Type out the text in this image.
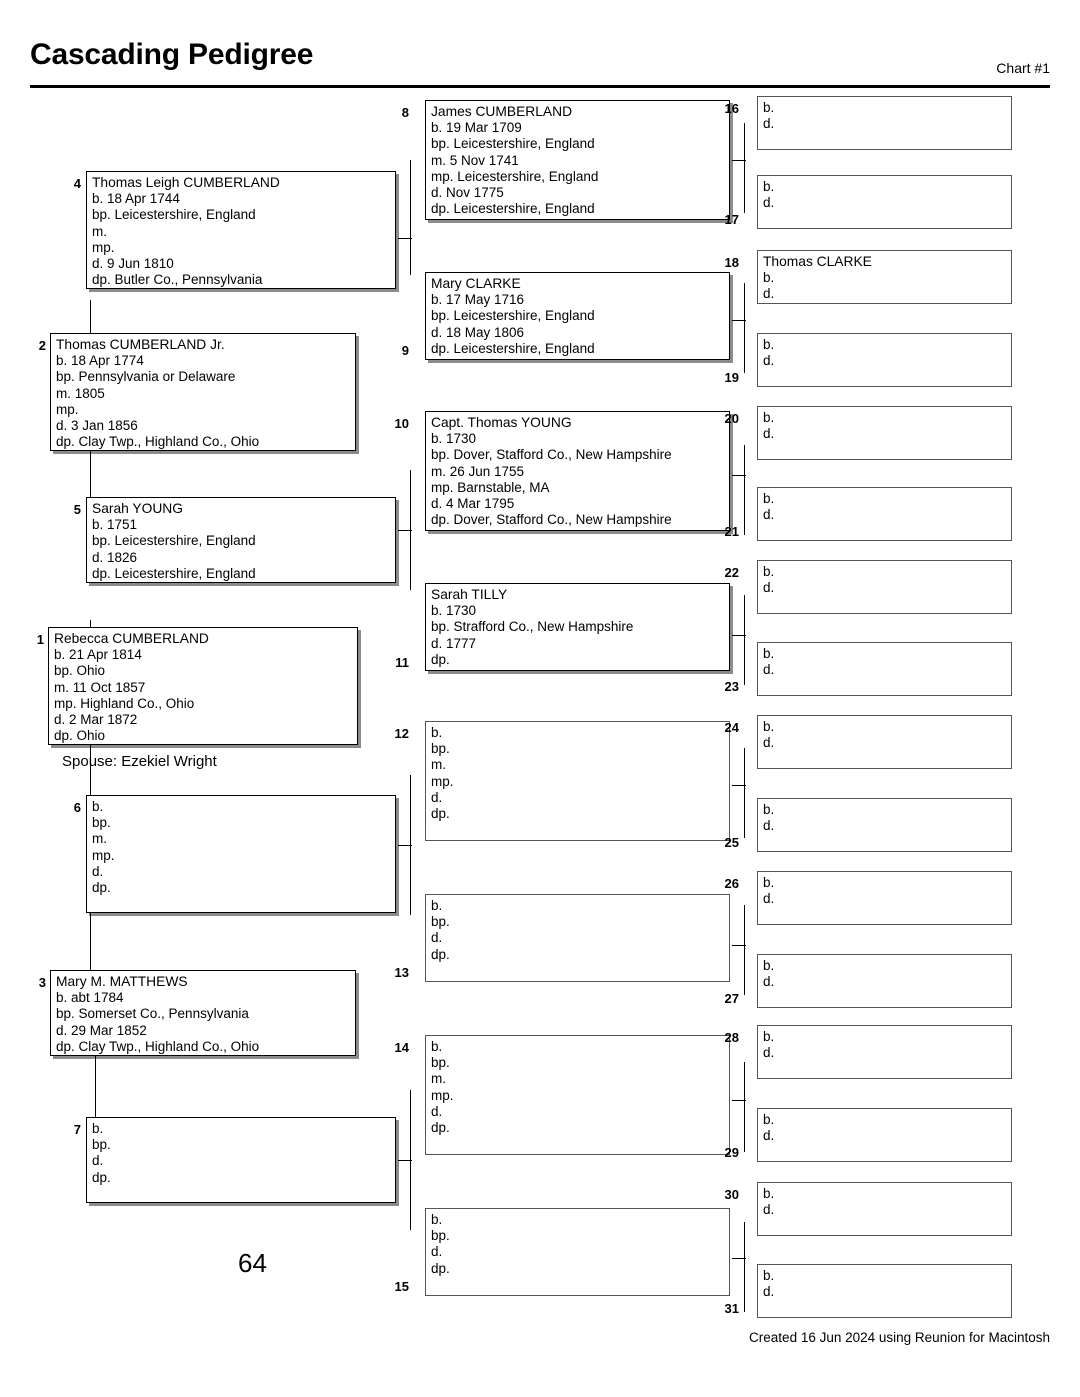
Cascading Pedigree	Chart #1
1 Rebecca CUMBERLAND
b. 21 Apr 1814
bp. Ohio
m. 11 Oct 1857
mp. Highland Co., Ohio
d. 2 Mar 1872
dp. Ohio
Spouse: Ezekiel Wright
2 Thomas CUMBERLAND Jr.
b. 18 Apr 1774
bp. Pennsylvania or Delaware
m. 1805
mp.
d. 3 Jan 1856
dp. Clay Twp., Highland Co., Ohio
3 Mary M. MATTHEWS
b. abt 1784
bp. Somerset Co., Pennsylvania
d. 29 Mar 1852
dp. Clay Twp., Highland Co., Ohio
4 Thomas Leigh CUMBERLAND
b. 18 Apr 1744
bp. Leicestershire, England
m.
mp.
d. 9 Jun 1810
dp. Butler Co., Pennsylvania
5 Sarah YOUNG
b. 1751
bp. Leicestershire, England
d. 1826
dp. Leicestershire, England
6 b.
bp.
m.
mp.
d.
dp.
7 b.
bp.
d.
dp.
8 James CUMBERLAND
b. 19 Mar 1709
bp. Leicestershire, England
m. 5 Nov 1741
mp. Leicestershire, England
d. Nov 1775
dp. Leicestershire, England
9
Mary CLARKE
b. 17 May 1716
bp. Leicestershire, England
d. 18 May 1806
dp. Leicestershire, England
10 Capt. Thomas YOUNG
b. 1730
bp. Dover, Stafford Co., New Hampshire
m. 26 Jun 1755
mp. Barnstable, MA
d. 4 Mar 1795
dp. Dover, Stafford Co., New Hampshire
11
Sarah TILLY
b. 1730
bp. Strafford Co., New Hampshire
d. 1777
dp.
12 b.
bp.
m.
mp.
d.
dp.
13
b.
bp.
d.
dp.
14 b.
bp.
m.
mp.
d.
dp.
15
b.
bp.
d.
dp.
16 b.
d.
17
b.
d.
18 Thomas CLARKE
b.
d.
19
b.
d.
20 b.
d.
21
b.
d.
22 b.
d.
23
b.
d.
24 b.
d.
25
b.
d.
26 b.
d.
27
b.
d.
28 b.
d.
29
b.
d.
30 b.
d.
31
b.
d.
64
Created 16 Jun 2024 using Reunion for Macintosh
